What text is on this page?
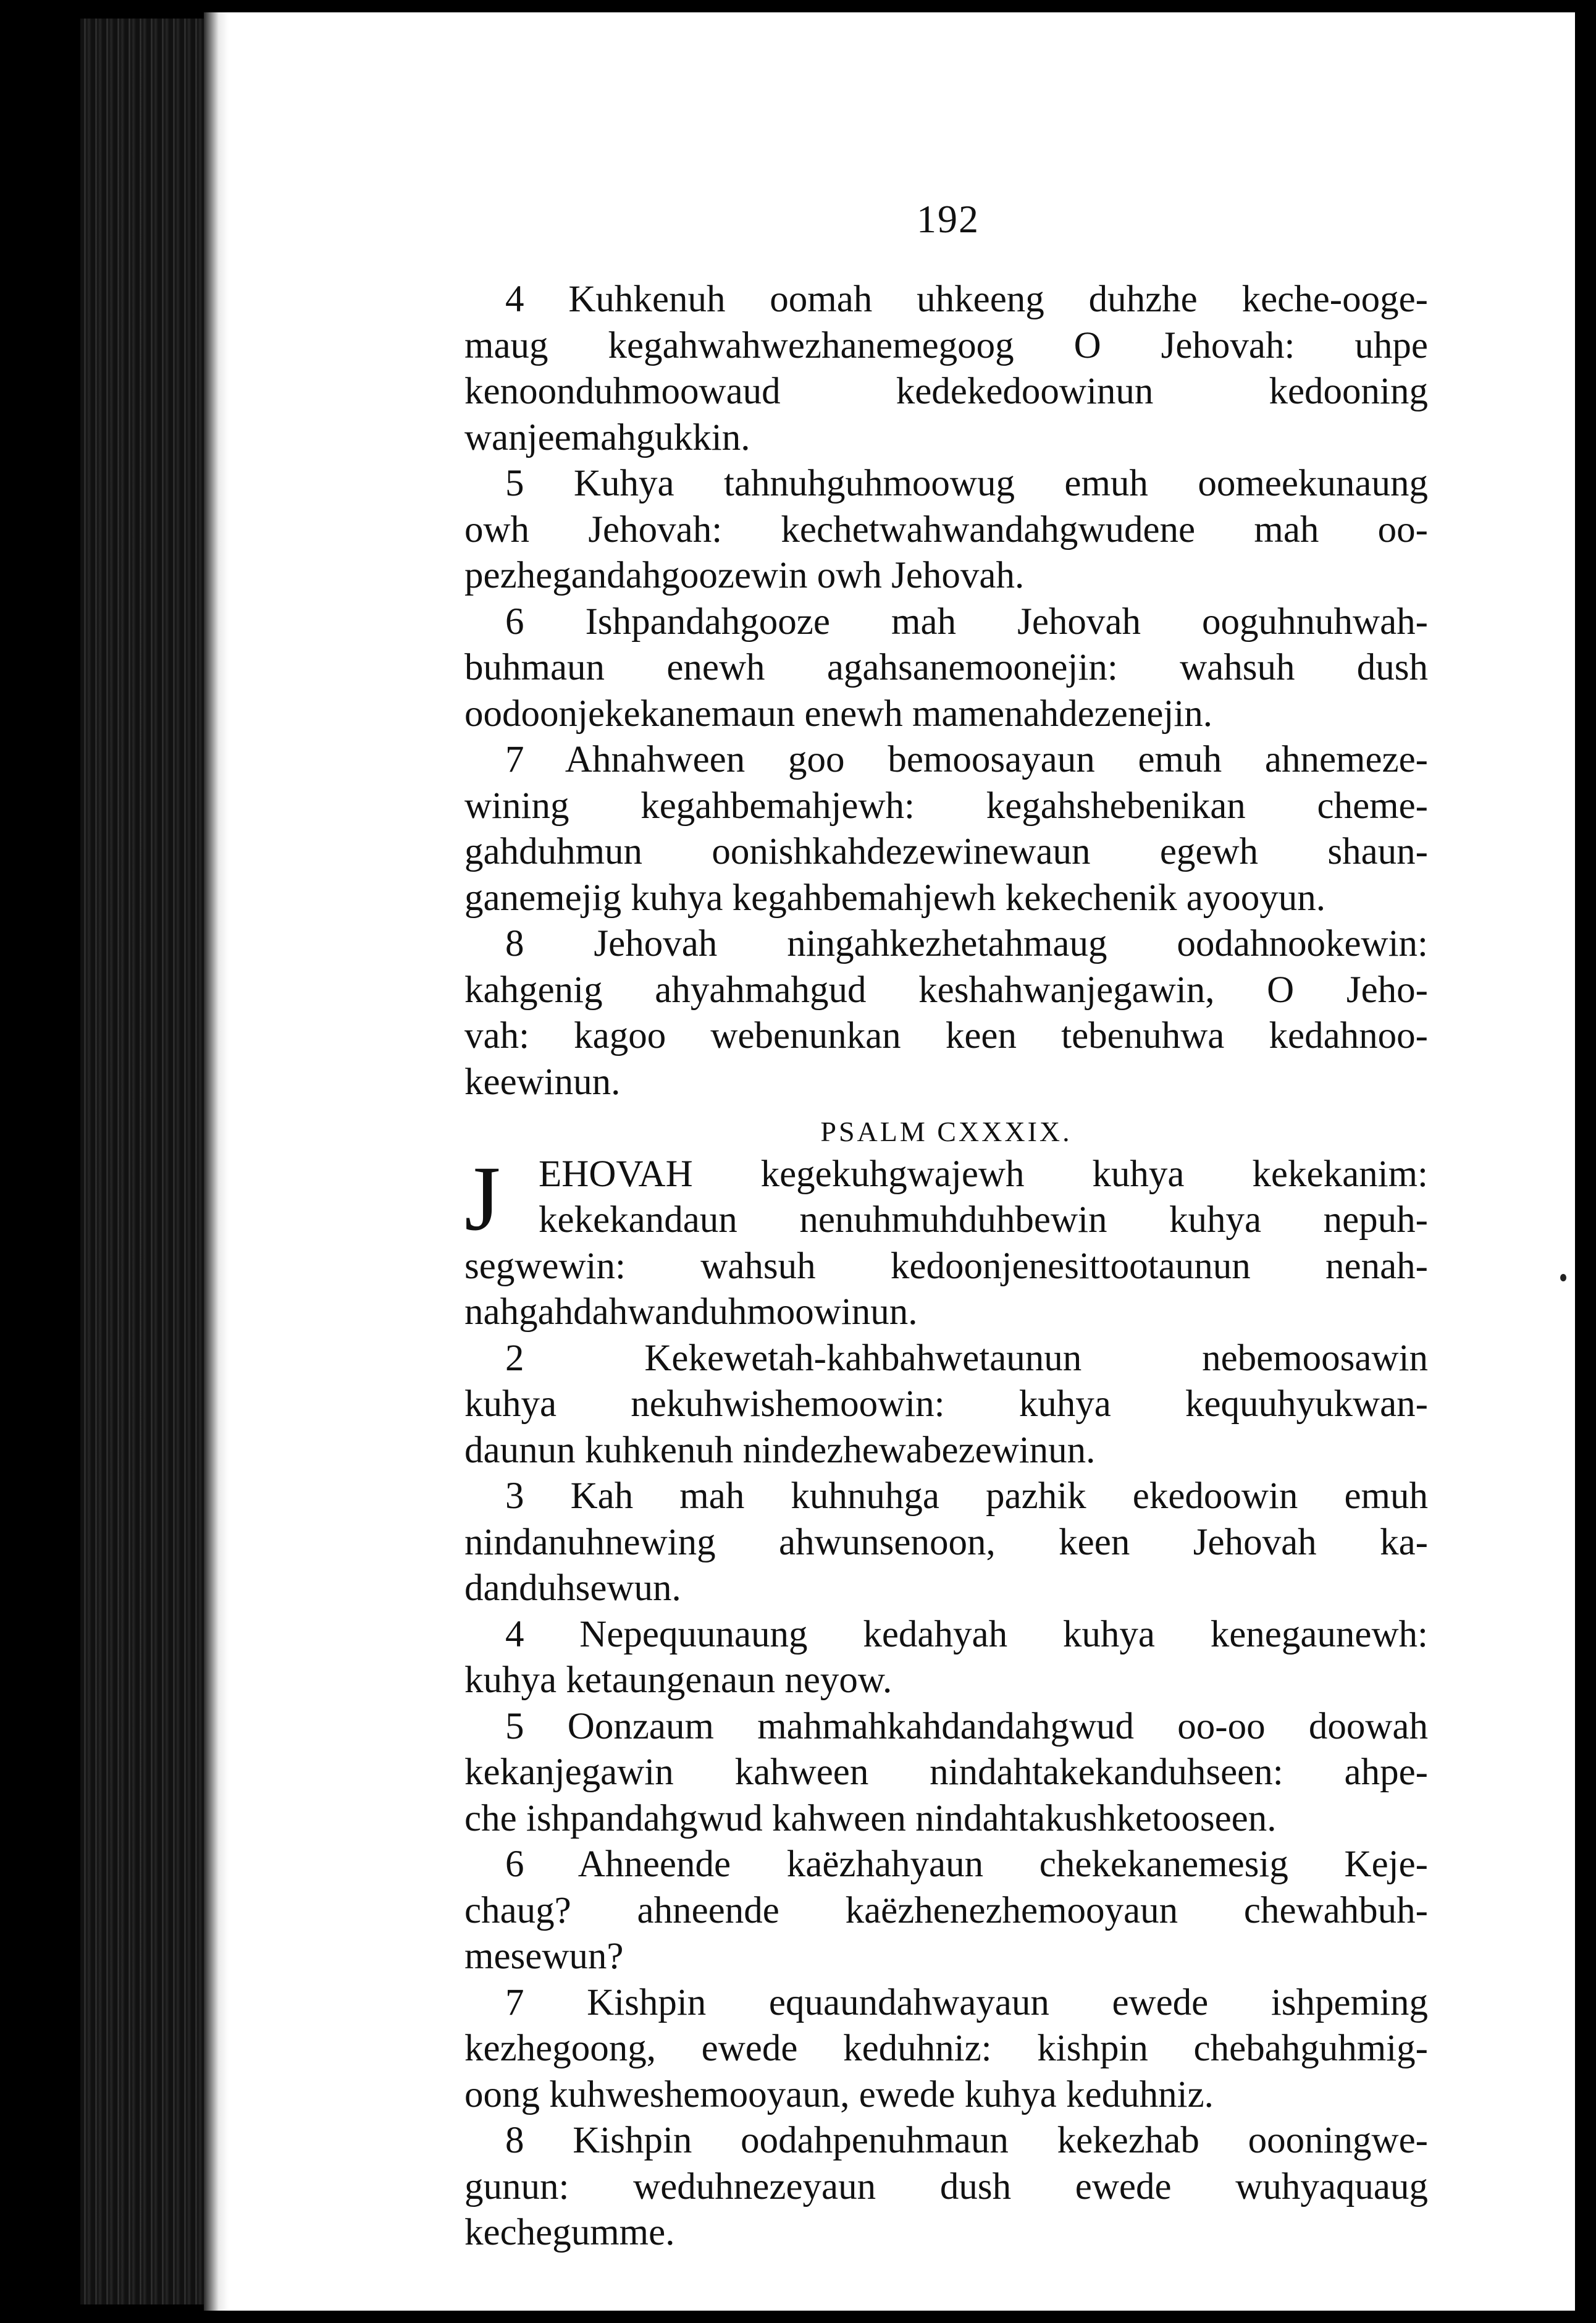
192
4 Kuhkenuh oomah uhkeeng duhzhe keche-ooge-
maug kegahwahwezhanemegoog O Jehovah: uhpe
kenoonduhmoowaud kedekedoowinun kedooning
wanjeemahgukkin.
5 Kuhya tahnuhguhmoowug emuh oomeekunaung
owh Jehovah: kechetwahwandahgwudene mah oo-
pezhegandahgoozewin owh Jehovah.
6 Ishpandahgooze mah Jehovah ooguhnuhwah-
buhmaun enewh agahsanemoonejin: wahsuh dush
oodoonjekekanemaun enewh mamenahdezenejin.
7 Ahnahween goo bemoosayaun emuh ahnemeze-
wining kegahbemahjewh: kegahshebenikan cheme-
gahduhmun oonishkahdezewinewaun egewh shaun-
ganemejig kuhya kegahbemahjewh kekechenik ayooyun.
8 Jehovah ningahkezhetahmaug oodahnookewin:
kahgenig ahyahmahgud keshahwanjegawin, O Jeho-
vah: kagoo webenunkan keen tebenuhwa kedahnoo-
keewinun.
PSALM CXXXIX.
J EHOVAH kegekuhgwajewh kuhya kekekanim:
kekekandaun nenuhmuhduhbewin kuhya nepuh-
segwewin: wahsuh kedoonjenesittootaunun nenah-
nahgahdahwanduhmoowinun.
2 Kekewetah-kahbahwetaunun nebemoosawin
kuhya nekuhwishemoowin: kuhya kequuhyukwan-
daunun kuhkenuh nindezhewabezewinun.
3 Kah mah kuhnuhga pazhik ekedoowin emuh
nindanuhnewing ahwunsenoon, keen Jehovah ka-
danduhsewun.
4 Nepequunaung kedahyah kuhya kenegaunewh:
kuhya ketaungenaun neyow.
5 Oonzaum mahmahkahdandahgwud oo-oo doowah
kekanjegawin kahween nindahtakekanduhseen: ahpe-
che ishpandahgwud kahween nindahtakushketooseen.
6 Ahneende kaëzhahyaun chekekanemesig Keje-
chaug? ahneende kaëzhenezhemooyaun chewahbuh-
mesewun?
7 Kishpin equaundahwayaun ewede ishpeming
kezhegoong, ewede keduhniz: kishpin chebahguhmig-
oong kuhweshemooyaun, ewede kuhya keduhniz.
8 Kishpin oodahpenuhmaun kekezhab oooningwe-
gunun: weduhnezeyaun dush ewede wuhyaquaug
kechegumme.
